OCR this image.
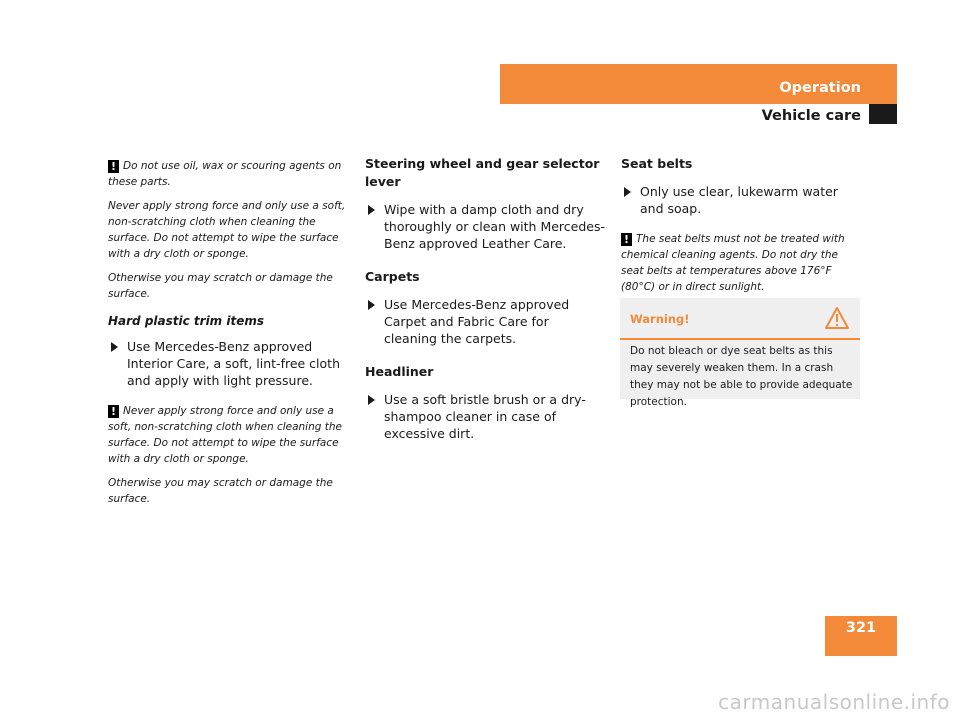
Operation
Vehicle care

! Do not use oil, wax or scouring agents on these parts.

Never apply strong force and only use a soft, non-scratching cloth when cleaning the surface. Do not attempt to wipe the surface with a dry cloth or sponge.

Otherwise you may scratch or damage the surface.

Hard plastic trim items
Use Mercedes-Benz approved Interior Care, a soft, lint-free cloth and apply with light pressure.

! Never apply strong force and only use a soft, non-scratching cloth when cleaning the surface. Do not attempt to wipe the surface with a dry cloth or sponge.

Otherwise you may scratch or damage the surface.

Steering wheel and gear selector lever
Wipe with a damp cloth and dry thoroughly or clean with Mercedes-Benz approved Leather Care.
Carpets
Use Mercedes-Benz approved Carpet and Fabric Care for cleaning the carpets.
Headliner
Use a soft bristle brush or a dry-shampoo cleaner in case of excessive dirt.
Seat belts
Only use clear, lukewarm water and soap.

! The seat belts must not be treated with chemical cleaning agents. Do not dry the seat belts at temperatures above 176°F (80°C) or in direct sunlight.

Warning!
Do not bleach or dye seat belts as this may severely weaken them. In a crash they may not be able to provide adequate protection.
321
carmanualsonline.info
